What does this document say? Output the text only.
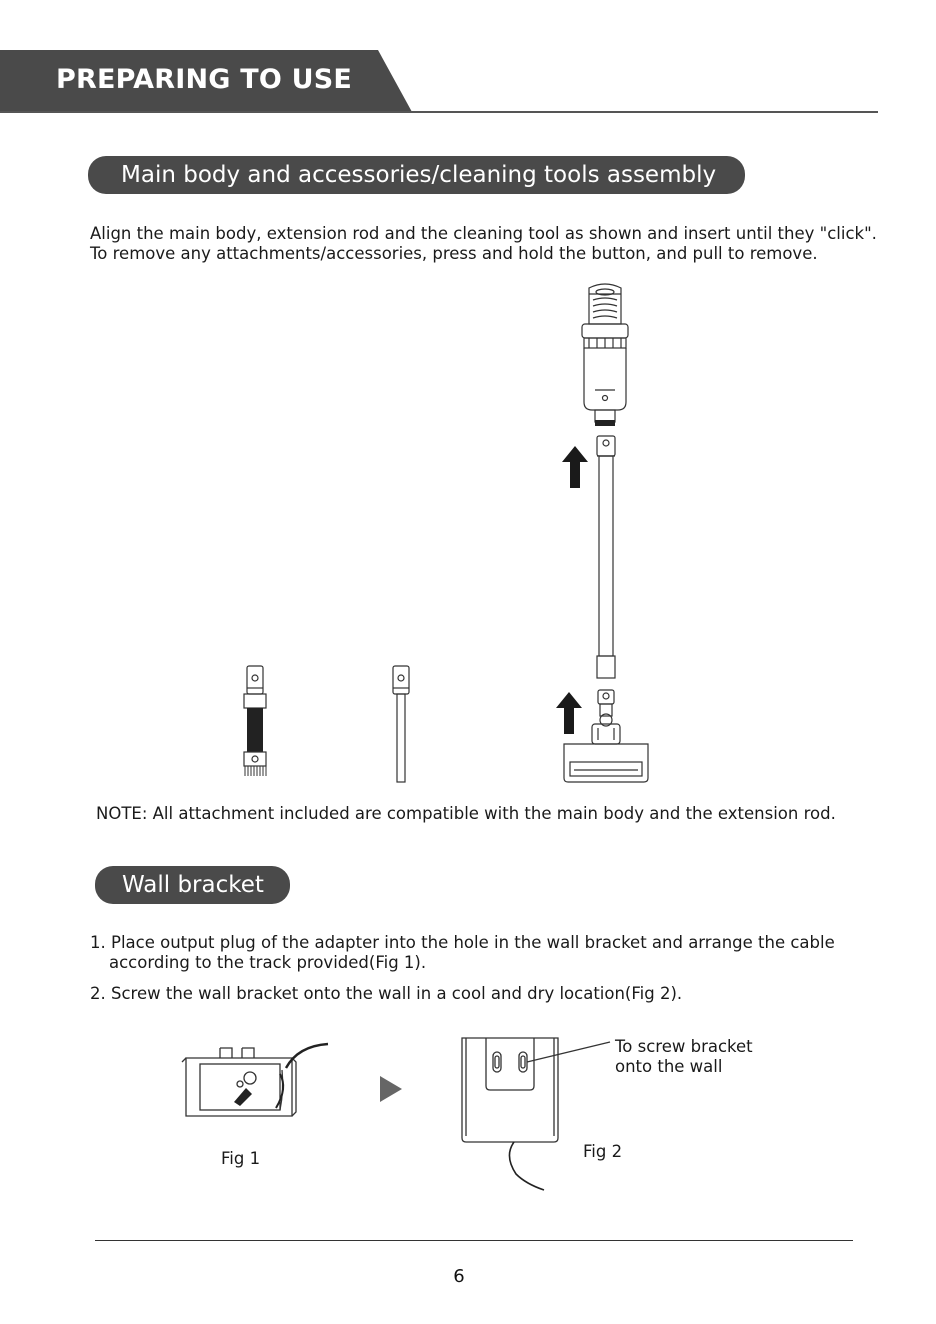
PREPARING TO USE
Main body and accessories/cleaning tools assembly
Align the main body, extension rod and the cleaning tool as shown and insert until they "click".
To remove any attachments/accessories, press and hold the button, and pull to remove.
NOTE: All attachment included are compatible with the main body and the extension rod.
Wall bracket
1. Place output plug of the adapter into the hole in the wall bracket and arrange the cable
according to the track provided(Fig 1).
2. Screw the wall bracket onto the wall in a cool and dry location(Fig 2).
Fig 1	Fig 2
To screw bracket
onto the wall
6
